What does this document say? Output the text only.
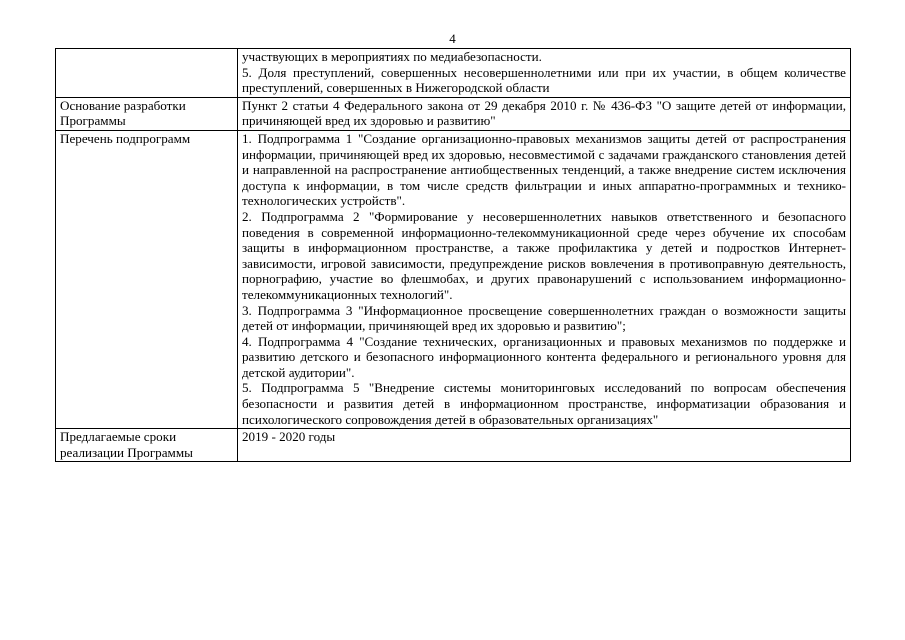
4

	участвующих в мероприятиях по медиабезопасности.
5. Доля преступлений, совершенных несовершеннолетними или при их участии, в общем количестве преступлений, совершенных в Нижегородской области

Основание разработки Программы	Пункт 2 статьи 4 Федерального закона от 29 декабря 2010 г. № 436-ФЗ "О защите детей от информации, причиняющей вред их здоровью и развитию"

Перечень подпрограмм	1. Подпрограмма 1 "Создание организационно-правовых механизмов защиты детей от распространения информации, причиняющей вред их здоровью, несовместимой с задачами гражданского становления детей и направленной на распространение антиобщественных тенденций, а также внедрение систем исключения доступа к информации, в том числе средств фильтрации и иных аппаратно-программных и технико-технологических устройств".
2. Подпрограмма 2 "Формирование у несовершеннолетних навыков ответственного и безопасного поведения в современной информационно-телекоммуникационной среде через обучение их способам защиты в информационном пространстве, а также профилактика у детей и подростков Интернет-зависимости, игровой зависимости, предупреждение рисков вовлечения в противоправную деятельность, порнографию, участие во флешмобах, и других правонарушений с использованием информационно-телекоммуникационных технологий".
3. Подпрограмма 3 "Информационное просвещение совершеннолетних граждан о возможности защиты детей от информации, причиняющей вред их здоровью и развитию";
4. Подпрограмма 4 "Создание технических, организационных и правовых механизмов по поддержке и развитию детского и безопасного информационного контента федерального и регионального уровня для детской аудитории".
5. Подпрограмма 5 "Внедрение системы мониторинговых исследований по вопросам обеспечения безопасности и развития детей в информационном пространстве, информатизации образования и психологического сопровождения детей в образовательных организациях"

Предлагаемые сроки реализации Программы	2019 - 2020 годы
